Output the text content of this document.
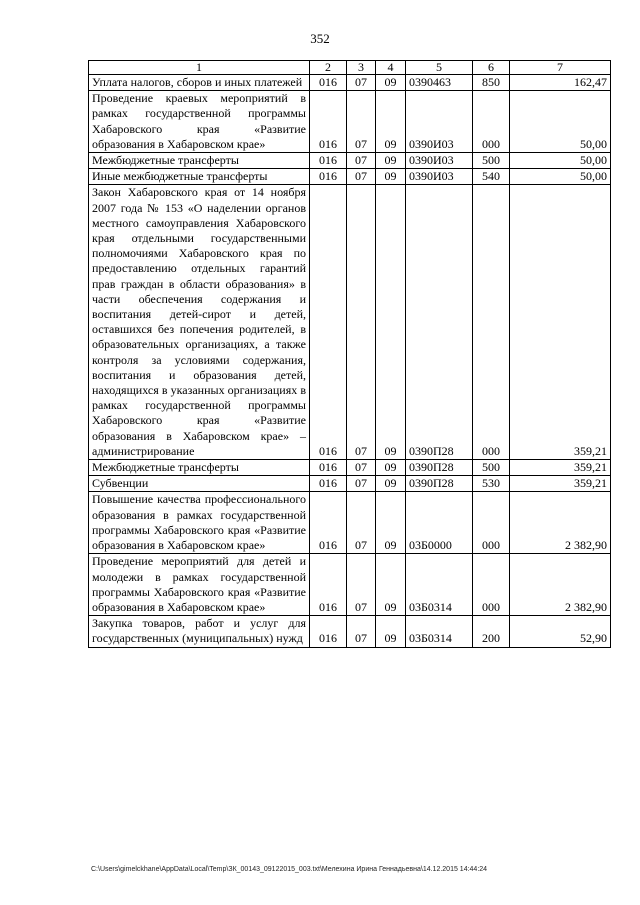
352
1	2	3	4	5	6	7
Уплата налогов, сборов и иных платежей	016	07	09	0390463	850	162,47
Проведение краевых мероприятий в рамках государственной программы Хабаровского края «Развитие образования в Хабаровском крае»	016	07	09	0390И03	000	50,00
Межбюджетные трансферты	016	07	09	0390И03	500	50,00
Иные межбюджетные трансферты	016	07	09	0390И03	540	50,00
Закон Хабаровского края от 14 ноября 2007 года № 153 «О наделении органов местного самоуправления Хабаровского края отдельными государственными полномочиями Хабаровского края по предоставлению отдельных гарантий прав граждан в области образования» в части обеспечения содержания и воспитания детей-сирот и детей, оставшихся без попечения родителей, в образовательных организациях, а также контроля за условиями содержания, воспитания и образования детей, находящихся в указанных организациях в рамках государственной программы Хабаровского края «Развитие образования в Хабаровском крае» – администрирование	016	07	09	0390П28	000	359,21
Межбюджетные трансферты	016	07	09	0390П28	500	359,21
Субвенции	016	07	09	0390П28	530	359,21
Повышение качества профессионального образования в рамках государственной программы Хабаровского края «Развитие образования в Хабаровском крае»	016	07	09	03Б0000	000	2 382,90
Проведение мероприятий для детей и молодежи в рамках государственной программы Хабаровского края «Развитие образования в Хабаровском крае»	016	07	09	03Б0314	000	2 382,90
Закупка товаров, работ и услуг для государственных (муниципальных) нужд	016	07	09	03Б0314	200	52,90
C:\Users\gimelckhane\AppData\Local\Temp\ЗК_00143_09122015_003.txt\Мелехина Ирина Геннадьевна\14.12.2015 14:44:24
